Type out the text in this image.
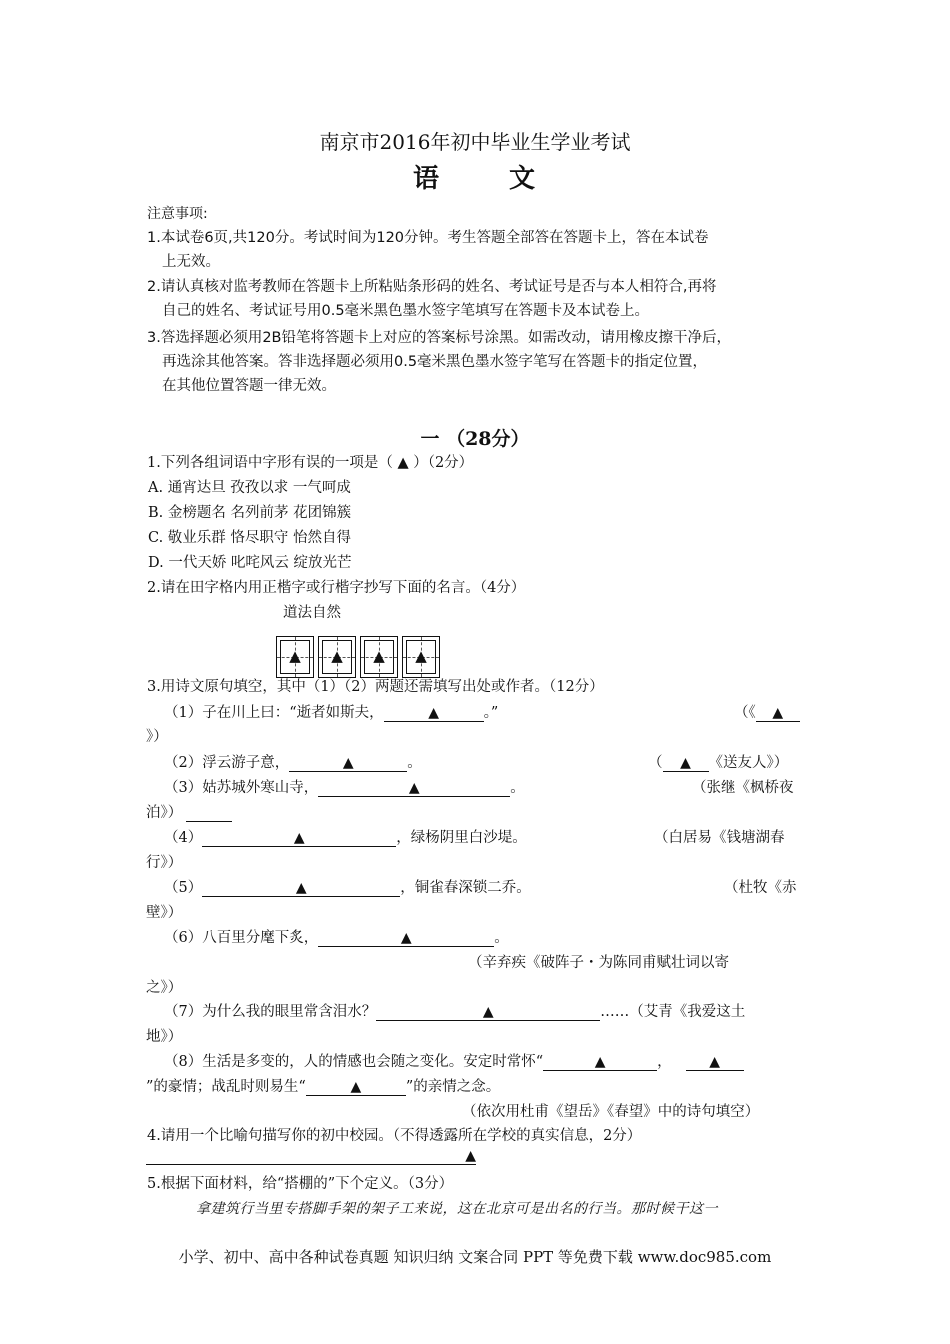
南京市2016年初中毕业生学业考试
语	文
注意事项:
1.本试卷6页,共120分。考试时间为120分钟。考生答题全部答在答题卡上，答在本试卷
上无效。
2.请认真核对监考教师在答题卡上所粘贴条形码的姓名、考试证号是否与本人相符合,再将
自己的姓名、考试证号用0.5毫米黑色墨水签字笔填写在答题卡及本试卷上。
3.答选择题必须用2B铅笔将答题卡上对应的答案标号涂黑。如需改动，请用橡皮擦干净后，
再选涂其他答案。答非选择题必须用0.5毫米黑色墨水签字笔写在答题卡的指定位置，
在其他位置答题一律无效。
一 （28分）
1.下列各组词语中字形有误的一项是（ ▲ ）（2分）
A. 通宵达旦 孜孜以求 一气呵成
B. 金榜题名 名列前茅 花团锦簇
C. 敬业乐群 恪尽职守 怡然自得
D. 一代天娇 叱咤风云 绽放光芒
2.请在田字格内用正楷字或行楷字抄写下面的名言。（4分）
道法自然
▲ ▲ ▲ ▲
3.用诗文原句填空，其中（1）（2）两题还需填写出处或作者。（12分）
（1）子在川上曰：“逝者如斯夫，	▲	。”	（《 ▲
》）
（2）浮云游子意，	▲	。	（ ▲ 《送友人》）
（3）姑苏城外寒山寺，	▲	。	（张继《枫桥夜
泊》）
（4）	▲	，绿杨阴里白沙堤。	（白居易《钱塘湖春
行》）
（5）	▲	，铜雀春深锁二乔。	（杜牧《赤
壁》）
（6）八百里分麾下炙，	▲	。
（辛弃疾《破阵子・为陈同甫赋壮词以寄
之》）
（7）为什么我的眼里常含泪水？	▲	……（艾青《我爱这土
地》）
（8）生活是多变的，人的情感也会随之变化。安定时常怀“	▲	，	▲
”的豪情；战乱时则易生“	▲	”的亲情之念。
（依次用杜甫《望岳》《春望》中的诗句填空）
4.请用一个比喻句描写你的初中校园。（不得透露所在学校的真实信息，2分）
▲
5.根据下面材料，给“搭棚的”下个定义。（3分）
拿建筑行当里专搭脚手架的架子工来说，这在北京可是出名的行当。那时候干这一
小学、初中、高中各种试卷真题 知识归纳 文案合同 PPT 等免费下载 www.doc985.com
